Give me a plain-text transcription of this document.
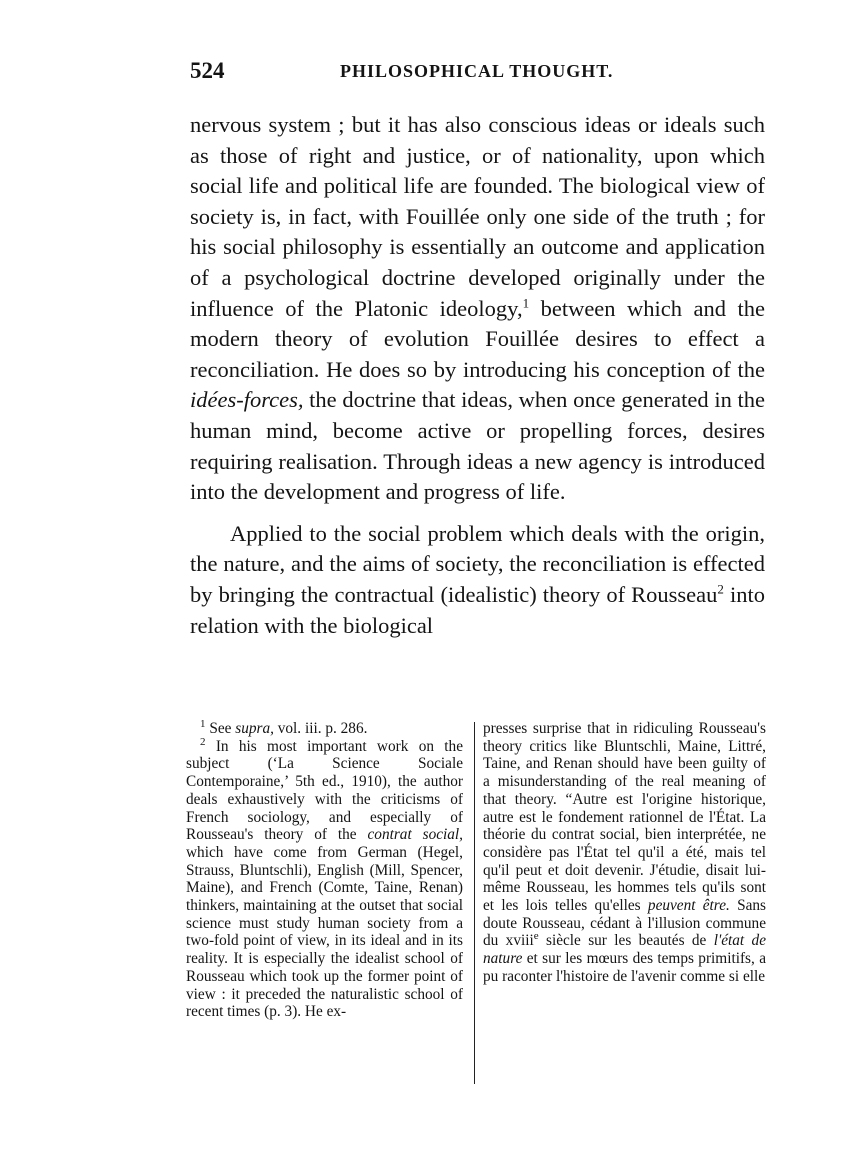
524	PHILOSOPHICAL THOUGHT.

nervous system ; but it has also conscious ideas or ideals such as those of right and justice, or of nationality, upon which social life and political life are founded. The biological view of society is, in fact, with Fouillée only one side of the truth ; for his social philosophy is essentially an outcome and application of a psychological doctrine developed originally under the influence of the Platonic ideology,$^1$ between which and the modern theory of evolution Fouillée desires to effect a reconciliation. He does so by introducing his conception of the idées-forces, the doctrine that ideas, when once generated in the human mind, become active or propelling forces, desires requiring realisation. Through ideas a new agency is introduced into the development and progress of life.

Applied to the social problem which deals with the origin, the nature, and the aims of society, the reconciliation is effected by bringing the contractual (idealistic) theory of Rousseau$^2$ into relation with the biological

$^1$ See supra, vol. iii. p. 286.

$^2$ In his most important work on the subject (‘La Science Sociale Contemporaine,’ 5th ed., 1910), the author deals exhaustively with the criticisms of French sociology, and especially of Rousseau's theory of the contrat social, which have come from German (Hegel, Strauss, Bluntschli), English (Mill, Spencer, Maine), and French (Comte, Taine, Renan) thinkers, maintaining at the outset that social science must study human society from a two-fold point of view, in its ideal and in its reality. It is especially the idealist school of Rousseau which took up the former point of view : it preceded the naturalistic school of recent times (p. 3). He ex-

presses surprise that in ridiculing Rousseau's theory critics like Bluntschli, Maine, Littré, Taine, and Renan should have been guilty of a misunderstanding of the real meaning of that theory. “Autre est l'origine historique, autre est le fondement rationnel de l'État. La théorie du contrat social, bien interprétée, ne considère pas l'État tel qu'il a été, mais tel qu'il peut et doit devenir. J'étudie, disait lui-même Rousseau, les hommes tels qu'ils sont et les lois telles qu'elles peuvent être. Sans doute Rousseau, cédant à l'illusion commune du xviii$^e$ siècle sur les beautés de l'état de nature et sur les mœurs des temps primitifs, a pu raconter l'histoire de l'avenir comme si elle
